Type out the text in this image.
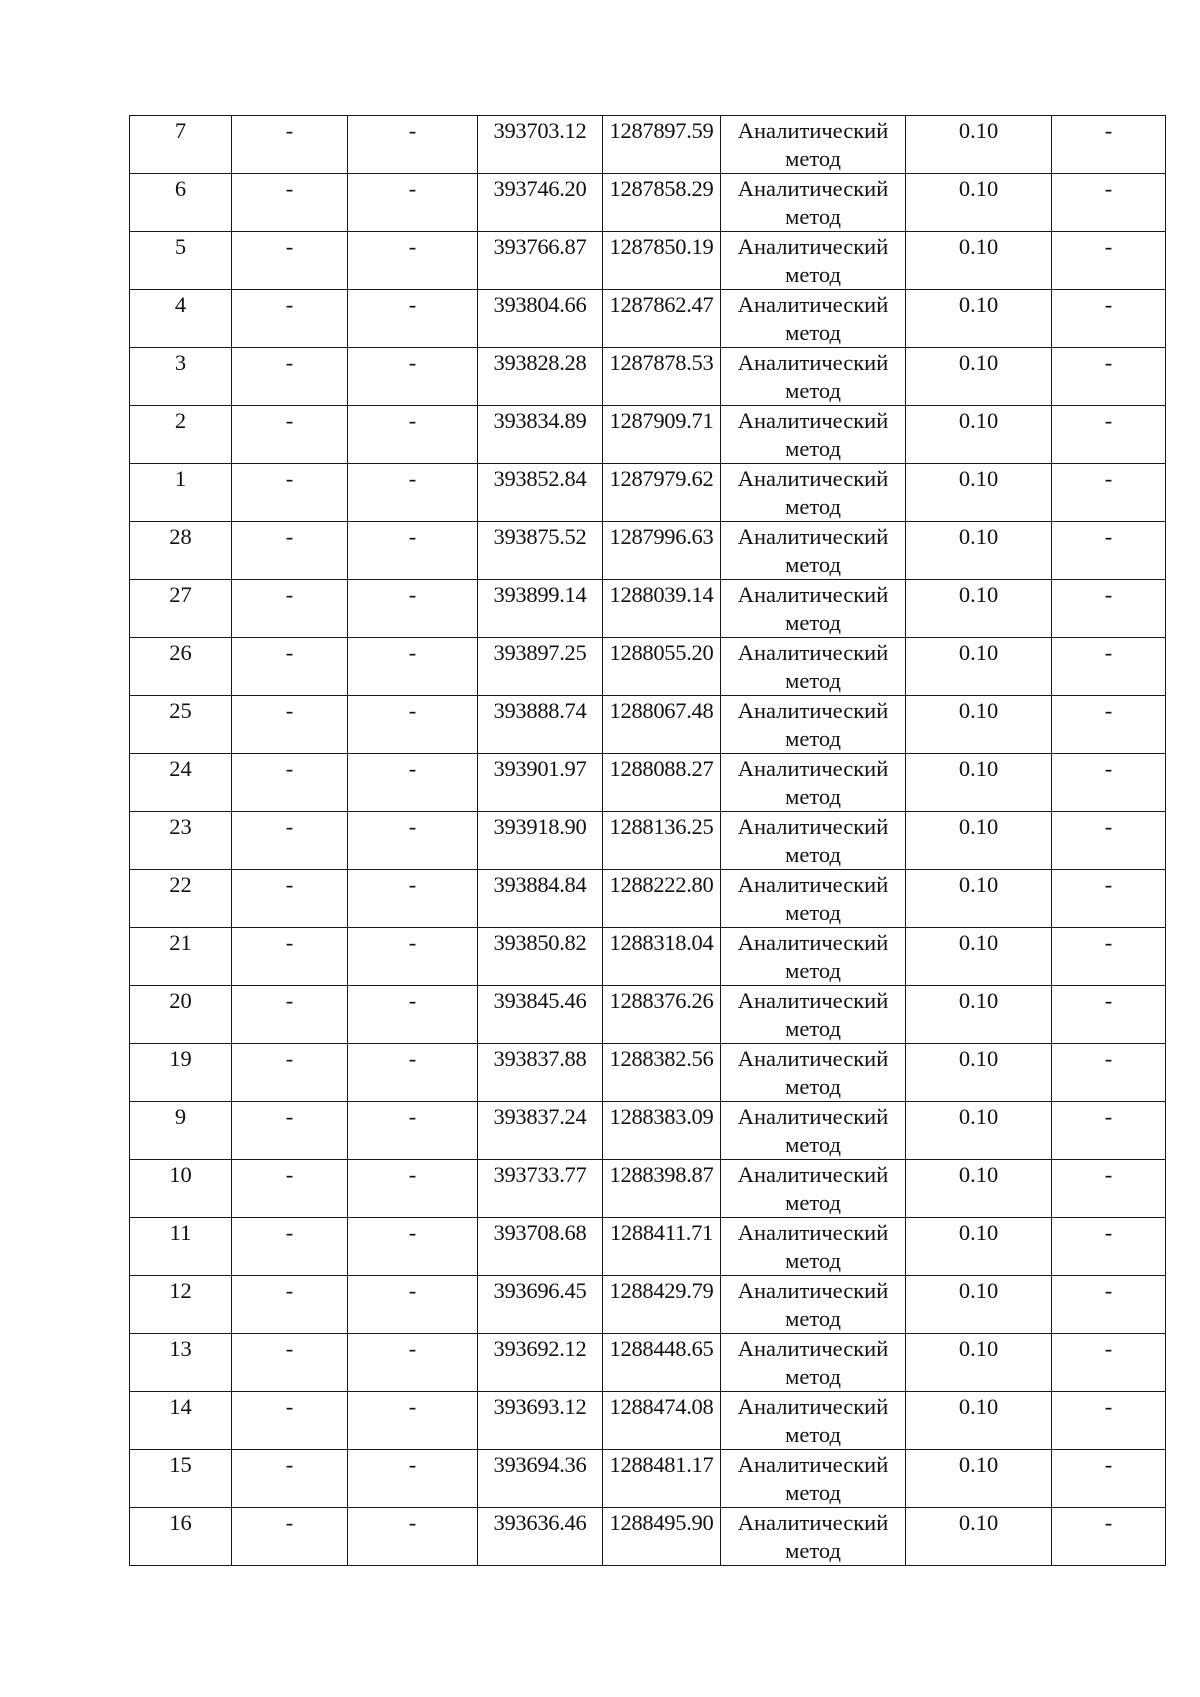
7	-	-	393703.12	1287897.59	Аналитический
метод	0.10	-

6	-	-	393746.20	1287858.29	Аналитический
метод	0.10	-

5	-	-	393766.87	1287850.19	Аналитический
метод	0.10	-

4	-	-	393804.66	1287862.47	Аналитический
метод	0.10	-

3	-	-	393828.28	1287878.53	Аналитический
метод	0.10	-

2	-	-	393834.89	1287909.71	Аналитический
метод	0.10	-

1	-	-	393852.84	1287979.62	Аналитический
метод	0.10	-

28	-	-	393875.52	1287996.63	Аналитический
метод	0.10	-

27	-	-	393899.14	1288039.14	Аналитический
метод	0.10	-

26	-	-	393897.25	1288055.20	Аналитический
метод	0.10	-

25	-	-	393888.74	1288067.48	Аналитический
метод	0.10	-

24	-	-	393901.97	1288088.27	Аналитический
метод	0.10	-

23	-	-	393918.90	1288136.25	Аналитический
метод	0.10	-

22	-	-	393884.84	1288222.80	Аналитический
метод	0.10	-

21	-	-	393850.82	1288318.04	Аналитический
метод	0.10	-

20	-	-	393845.46	1288376.26	Аналитический
метод	0.10	-

19	-	-	393837.88	1288382.56	Аналитический
метод	0.10	-

9	-	-	393837.24	1288383.09	Аналитический
метод	0.10	-

10	-	-	393733.77	1288398.87	Аналитический
метод	0.10	-

11	-	-	393708.68	1288411.71	Аналитический
метод	0.10	-

12	-	-	393696.45	1288429.79	Аналитический
метод	0.10	-

13	-	-	393692.12	1288448.65	Аналитический
метод	0.10	-

14	-	-	393693.12	1288474.08	Аналитический
метод	0.10	-

15	-	-	393694.36	1288481.17	Аналитический
метод	0.10	-

16	-	-	393636.46	1288495.90	Аналитический
метод	0.10	-
